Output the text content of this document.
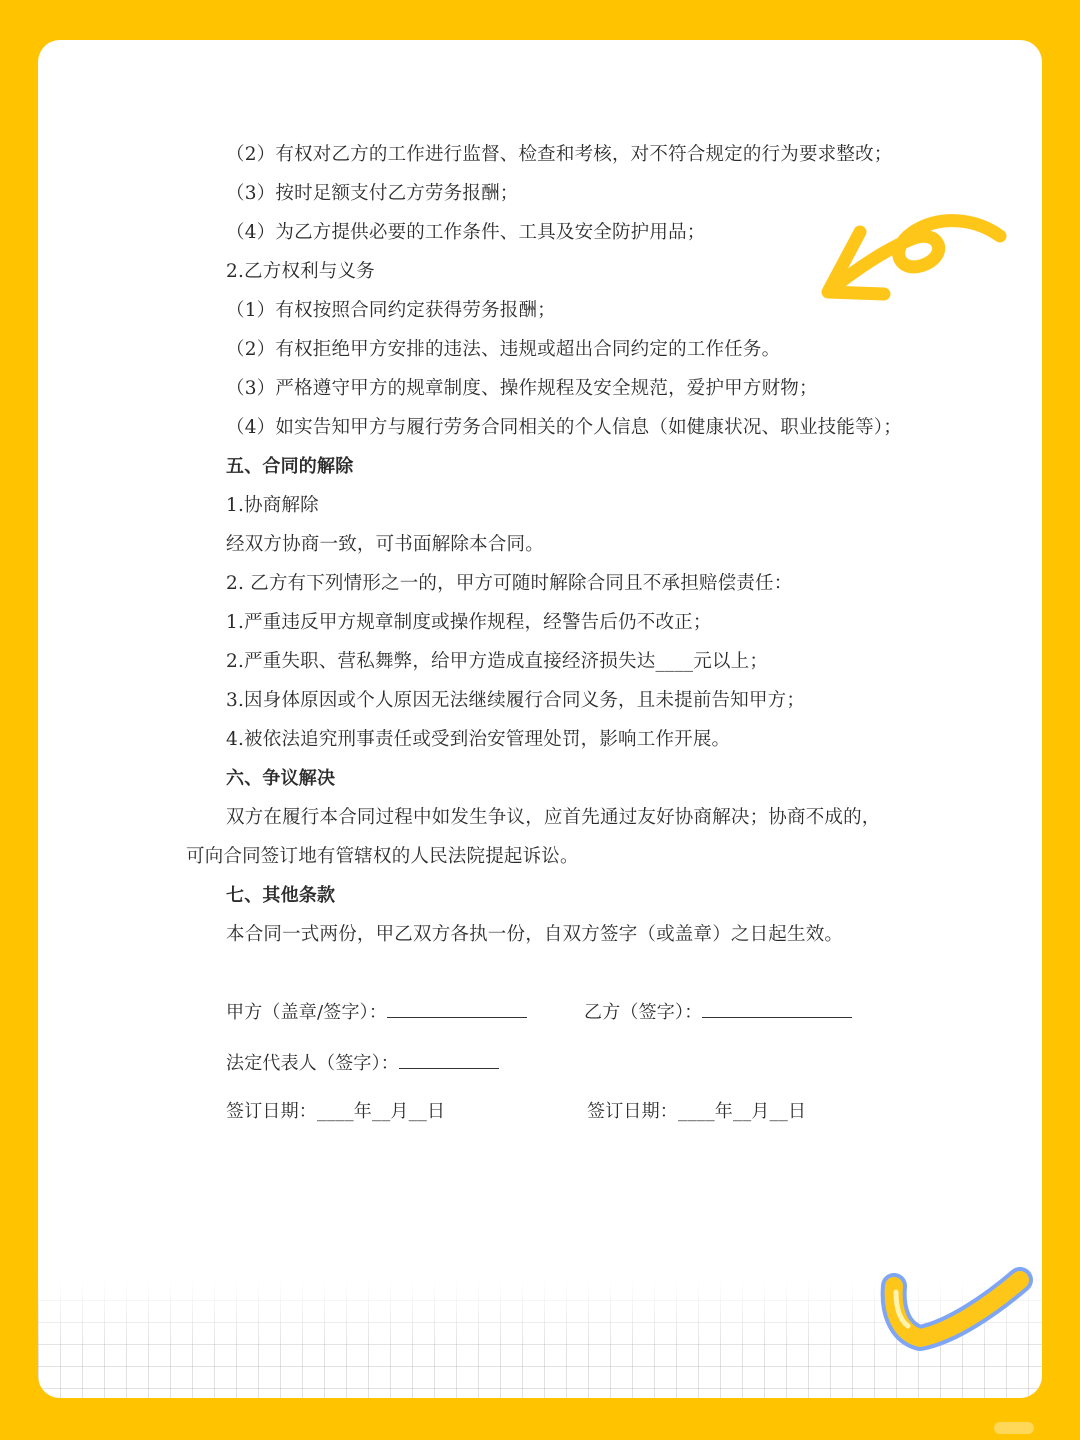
（2）有权对乙方的工作进行监督、检查和考核，对不符合规定的行为要求整改；
（3）按时足额支付乙方劳务报酬；
（4）为乙方提供必要的工作条件、工具及安全防护用品；
2.乙方权利与义务
（1）有权按照合同约定获得劳务报酬；
（2）有权拒绝甲方安排的违法、违规或超出合同约定的工作任务。
（3）严格遵守甲方的规章制度、操作规程及安全规范，爱护甲方财物；
（4）如实告知甲方与履行劳务合同相关的个人信息（如健康状况、职业技能等）；
五、合同的解除
1.协商解除
经双方协商一致，可书面解除本合同。
2. 乙方有下列情形之一的，甲方可随时解除合同且不承担赔偿责任：
1.严重违反甲方规章制度或操作规程，经警告后仍不改正；
2.严重失职、营私舞弊，给甲方造成直接经济损失达____元以上；
3.因身体原因或个人原因无法继续履行合同义务，且未提前告知甲方；
4.被依法追究刑事责任或受到治安管理处罚，影响工作开展。
六、争议解决
双方在履行本合同过程中如发生争议，应首先通过友好协商解决；协商不成的，
可向合同签订地有管辖权的人民法院提起诉讼。
七、其他条款
本合同一式两份，甲乙双方各执一份，自双方签字（或盖章）之日起生效。
甲方（盖章/签字）：	乙方（签字）：
法定代表人（签字）：
签订日期：____年__月__日	签订日期：____年__月__日
